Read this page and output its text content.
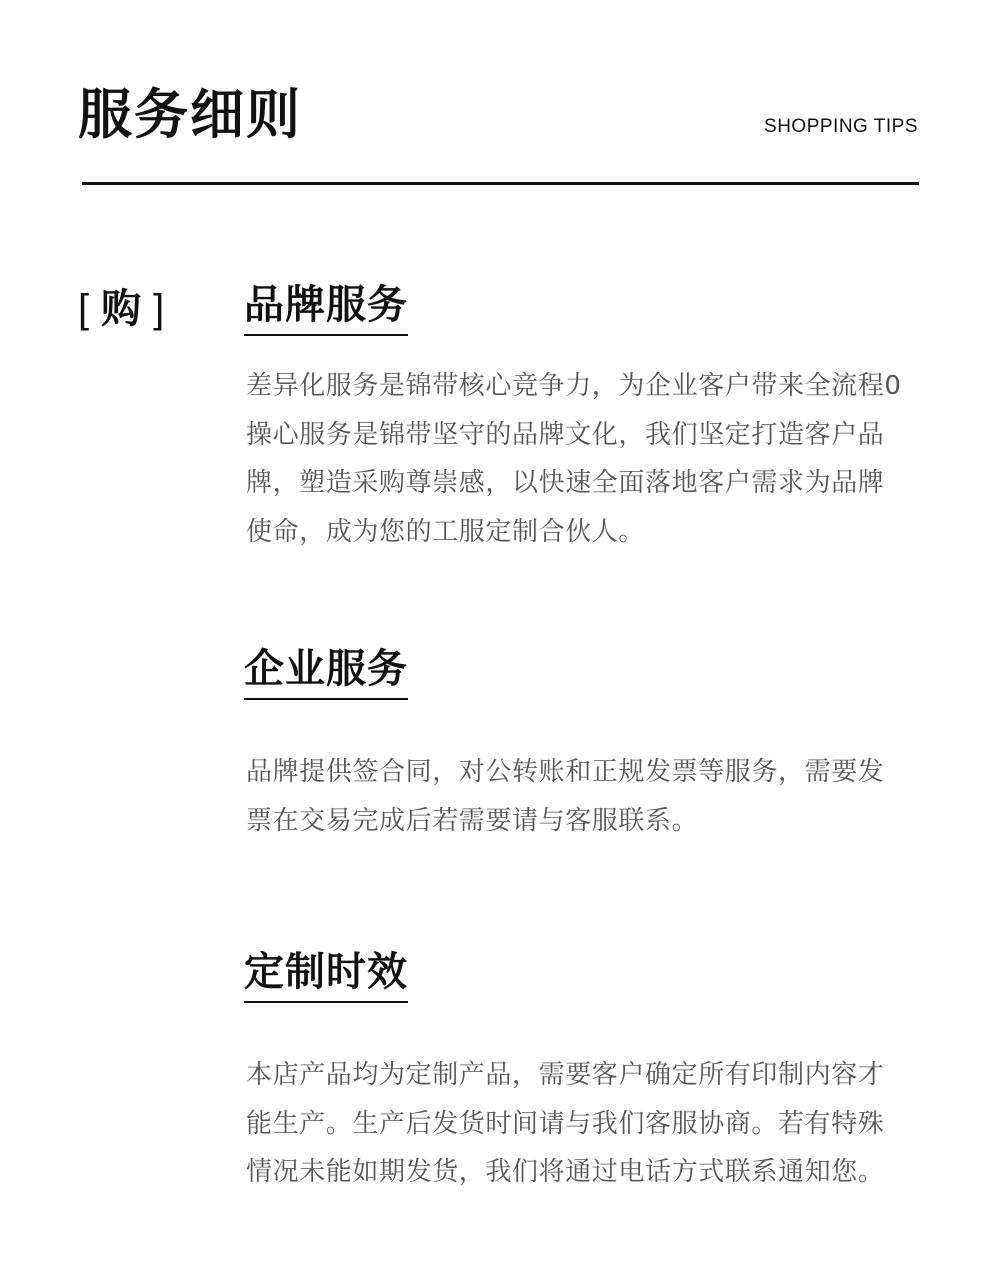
服务细则	SHOPPING TIPS
[ 购 ] 品牌服务

差异化服务是锦带核心竞争力，为企业客户带来全流程0操心服务是锦带坚守的品牌文化，我们坚定打造客户品牌，塑造采购尊崇感，以快速全面落地客户需求为品牌使命，成为您的工服定制合伙人。

企业服务

品牌提供签合同，对公转账和正规发票等服务，需要发票在交易完成后若需要请与客服联系。

定制时效

本店产品均为定制产品，需要客户确定所有印制内容才能生产。生产后发货时间请与我们客服协商。若有特殊情况未能如期发货，我们将通过电话方式联系通知您。
